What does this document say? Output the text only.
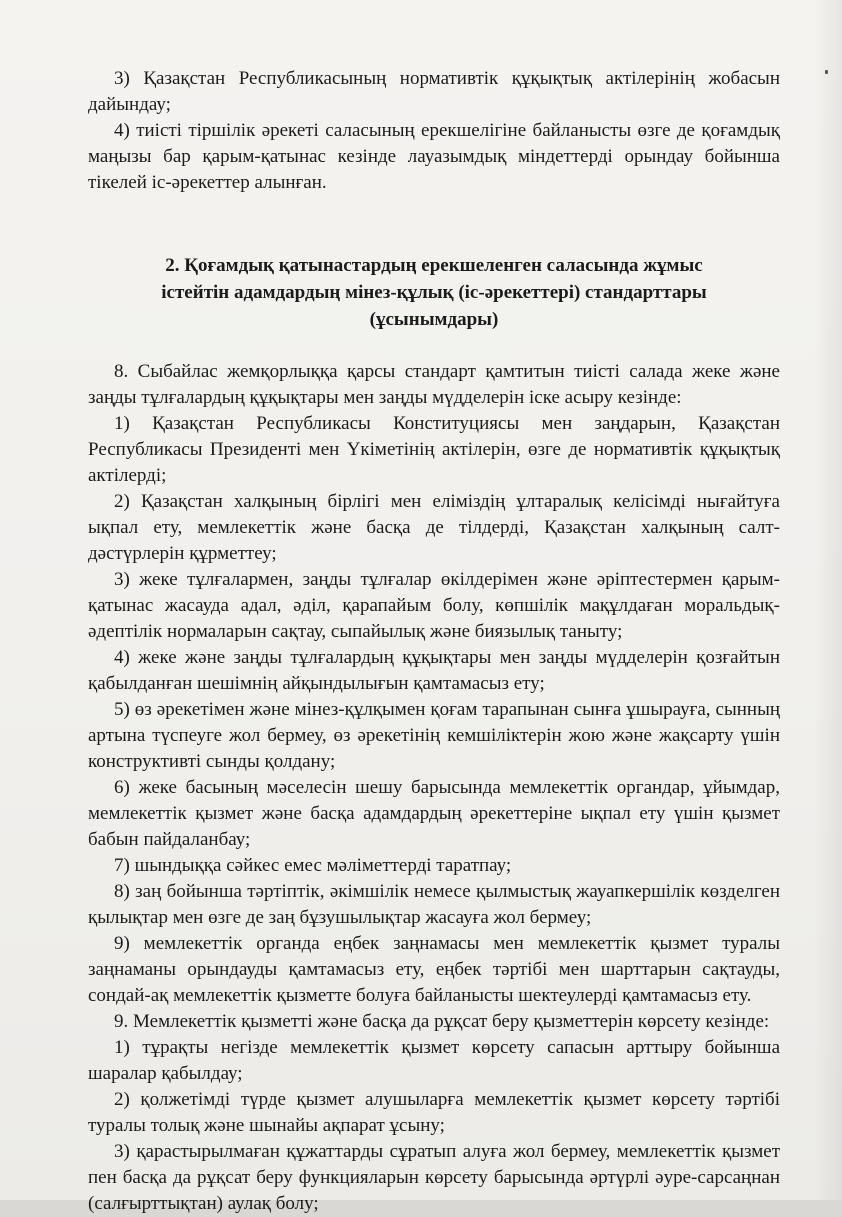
3) Қазақстан Республикасының нормативтік құқықтық актілерінің жобасын дайындау;

4) тиісті тіршілік әрекеті саласының ерекшелігіне байланысты өзге де қоғамдық маңызы бар қарым-қатынас кезінде лауазымдық міндеттерді орындау бойынша тікелей іс-әрекеттер алынған.

2. Қоғамдық қатынастардың ерекшеленген саласында жұмыс
істейтін адамдардың мінез-құлық (іс-әрекеттері) стандарттары
(ұсынымдары)

8. Сыбайлас жемқорлыққа қарсы стандарт қамтитын тиісті салада жеке және заңды тұлғалардың құқықтары мен заңды мүдделерін іске асыру кезінде:

1) Қазақстан Республикасы Конституциясы мен заңдарын, Қазақстан Республикасы Президенті мен Үкіметінің актілерін, өзге де нормативтік құқықтық актілерді;

2) Қазақстан халқының бірлігі мен еліміздің ұлтаралық келісімді нығайтуға ықпал ету, мемлекеттік және басқа де тілдерді, Қазақстан халқының салт-дәстүрлерін құрметтеу;

3) жеке тұлғалармен, заңды тұлғалар өкілдерімен және әріптестермен қарым-қатынас жасауда адал, әділ, қарапайым болу, көпшілік мақұлдаған моральдық-әдептілік нормаларын сақтау, сыпайылық және биязылық таныту;

4) жеке және заңды тұлғалардың құқықтары мен заңды мүдделерін қозғайтын қабылданған шешімнің айқындылығын қамтамасыз ету;

5) өз әрекетімен және мінез-құлқымен қоғам тарапынан сынға ұшырауға, сынның артына түспеуге жол бермеу, өз әрекетінің кемшіліктерін жою және жақсарту үшін конструктивті сынды қолдану;

6) жеке басының мәселесін шешу барысында мемлекеттік органдар, ұйымдар, мемлекеттік қызмет және басқа адамдардың әрекеттеріне ықпал ету үшін қызмет бабын пайдаланбау;

7) шындыққа сәйкес емес мәліметтерді таратпау;

8) заң бойынша тәртіптік, әкімшілік немесе қылмыстық жауапкершілік көзделген қылықтар мен өзге де заң бұзушылықтар жасауға жол бермеу;

9) мемлекеттік органда еңбек заңнамасы мен мемлекеттік қызмет туралы заңнаманы орындауды қамтамасыз ету, еңбек тәртібі мен шарттарын сақтауды, сондай-ақ мемлекеттік қызметте болуға байланысты шектеулерді қамтамасыз ету.

9. Мемлекеттік қызметті және басқа да рұқсат беру қызметтерін көрсету кезінде:

1) тұрақты негізде мемлекеттік қызмет көрсету сапасын арттыру бойынша шаралар қабылдау;

2) қолжетімді түрде қызмет алушыларға мемлекеттік қызмет көрсету тәртібі туралы толық және шынайы ақпарат ұсыну;

3) қарастырылмаған құжаттарды сұратып алуға жол бермеу, мемлекеттік қызмет пен басқа да рұқсат беру функцияларын көрсету барысында әртүрлі әуре-сарсаңнан (салғырттықтан) аулақ болу;
